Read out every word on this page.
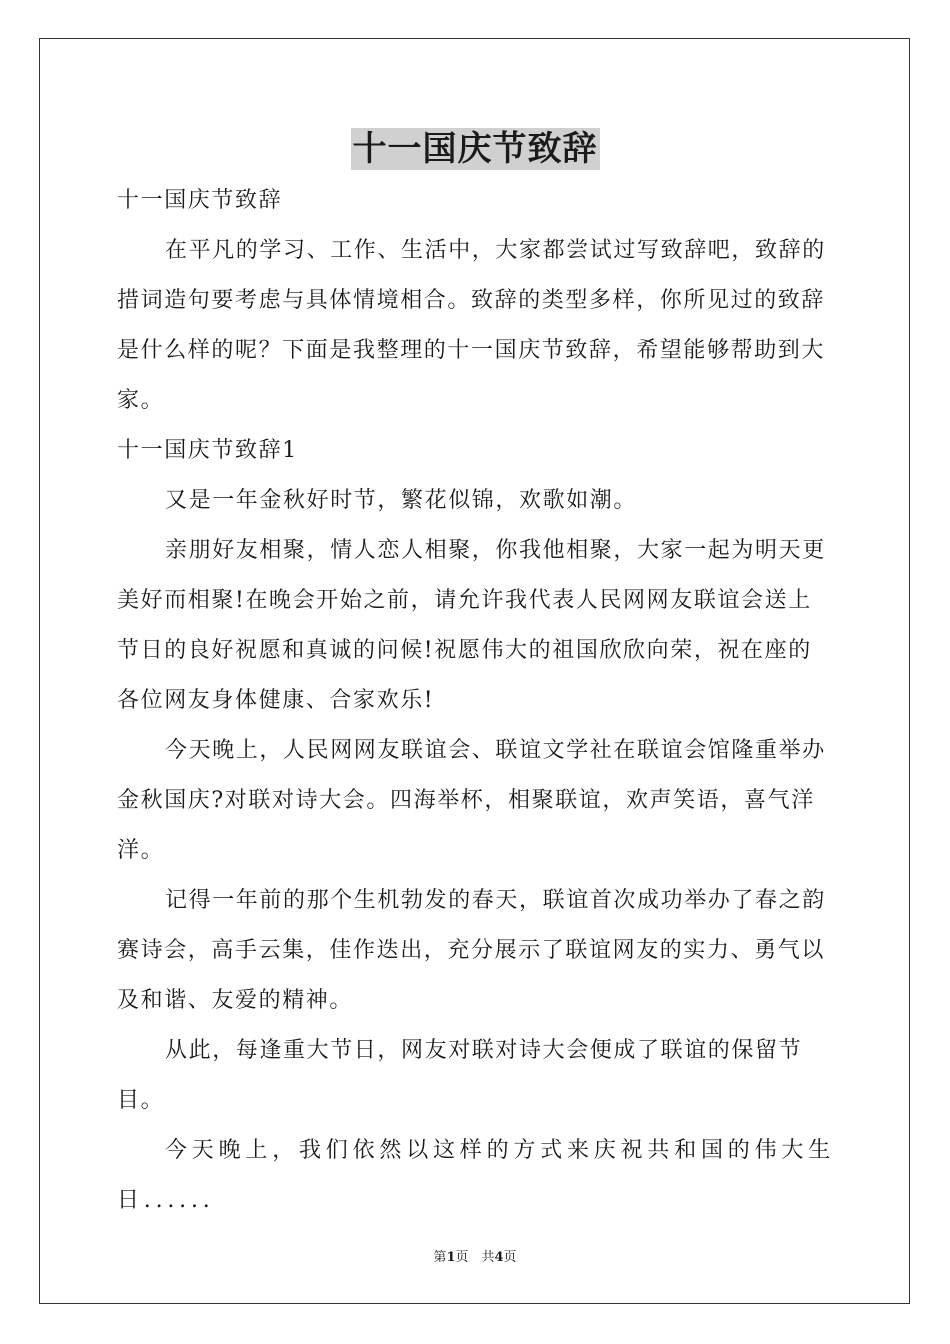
十一国庆节致辞

十一国庆节致辞

在平凡的学习、工作、生活中，大家都尝试过写致辞吧，致辞的措词造句要考虑与具体情境相合。致辞的类型多样，你所见过的致辞是什么样的呢？下面是我整理的十一国庆节致辞，希望能够帮助到大家。

十一国庆节致辞1

又是一年金秋好时节，繁花似锦，欢歌如潮。

亲朋好友相聚，情人恋人相聚，你我他相聚，大家一起为明天更美好而相聚!在晚会开始之前，请允许我代表人民网网友联谊会送上节日的良好祝愿和真诚的问候!祝愿伟大的祖国欣欣向荣，祝在座的各位网友身体健康、合家欢乐!

今天晚上，人民网网友联谊会、联谊文学社在联谊会馆隆重举办金秋国庆?对联对诗大会。四海举杯，相聚联谊，欢声笑语，喜气洋洋。

记得一年前的那个生机勃发的春天，联谊首次成功举办了春之韵赛诗会，高手云集，佳作迭出，充分展示了联谊网友的实力、勇气以及和谐、友爱的精神。

从此，每逢重大节日，网友对联对诗大会便成了联谊的保留节目。

今天晚上，我们依然以这样的方式来庆祝共和国的伟大生日......

第1页　共4页
